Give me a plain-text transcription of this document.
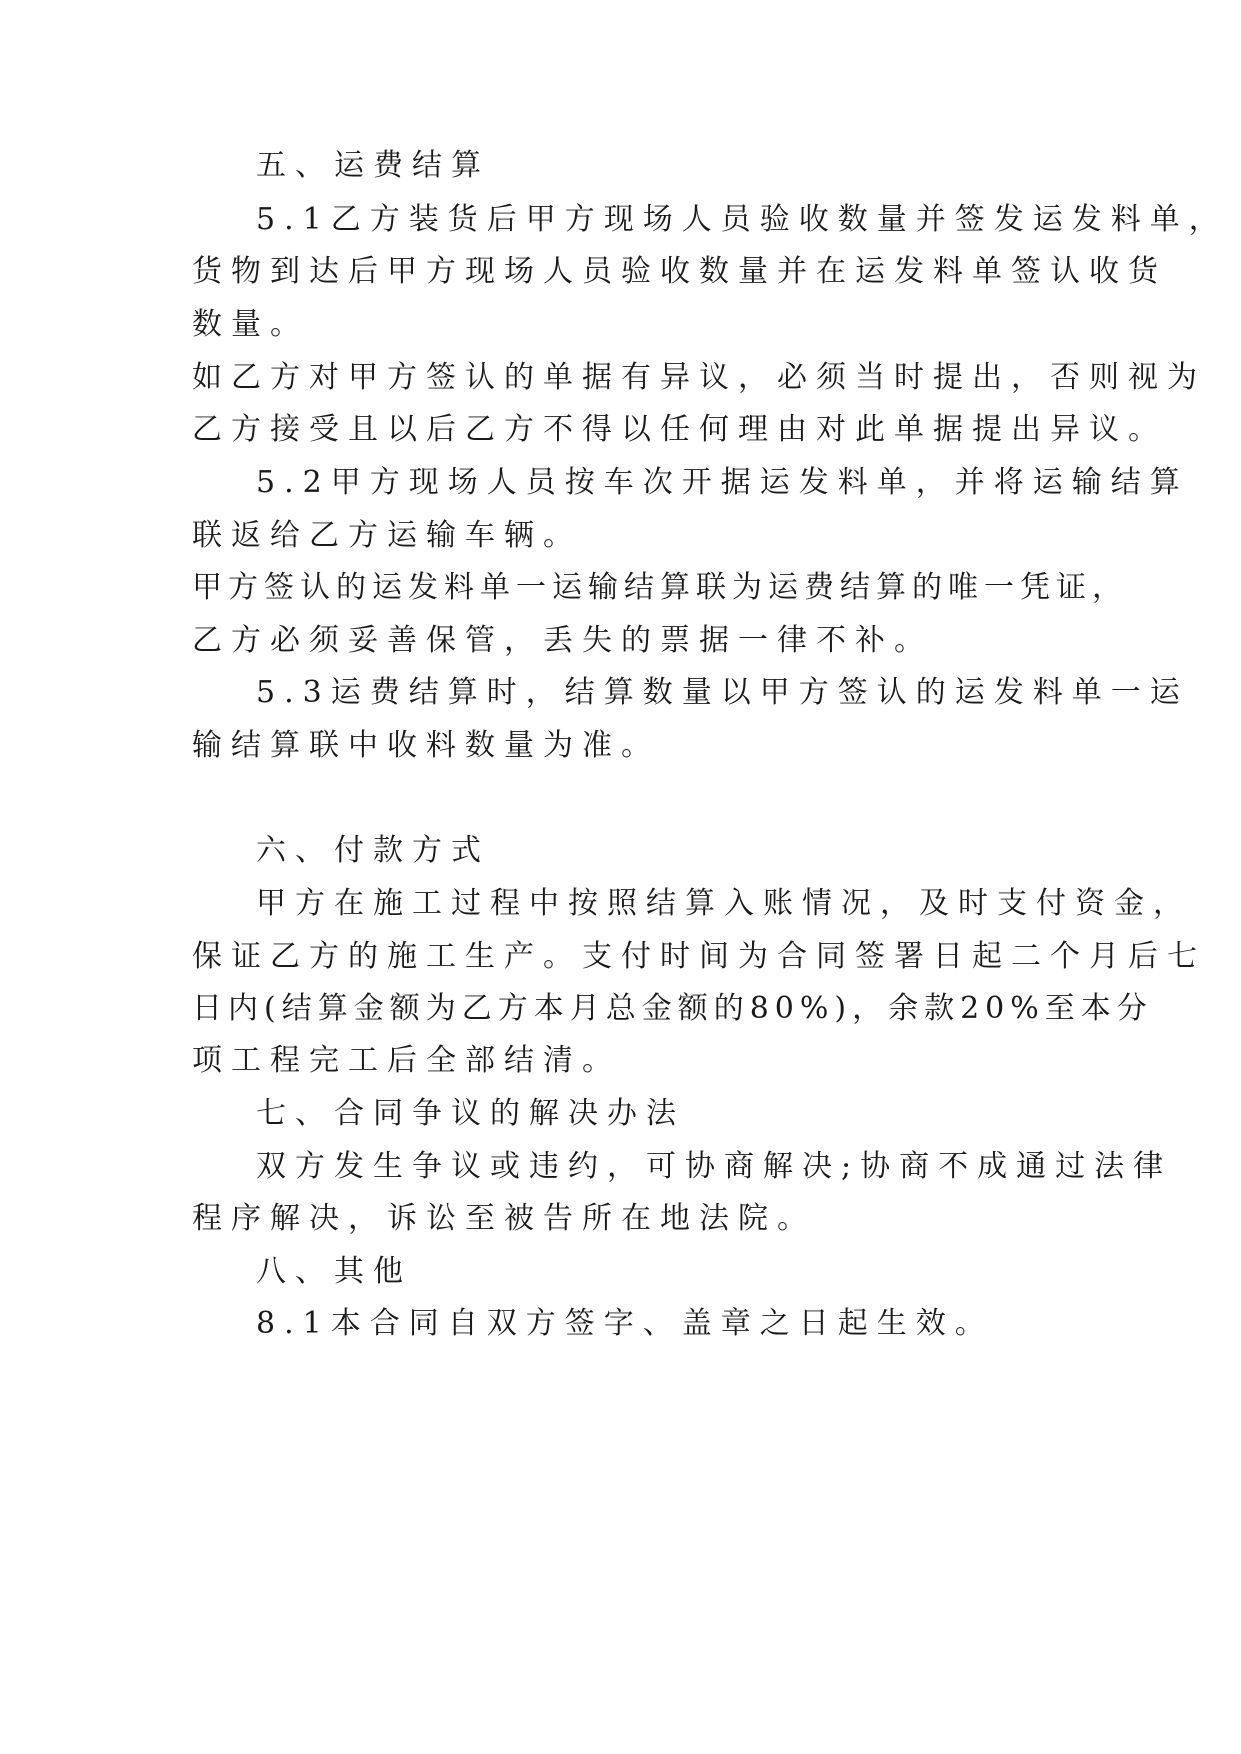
五、运费结算
5.1乙方装货后甲方现场人员验收数量并签发运发料单，
货物到达后甲方现场人员验收数量并在运发料单签认收货
数量。
如乙方对甲方签认的单据有异议，必须当时提出，否则视为
乙方接受且以后乙方不得以任何理由对此单据提出异议。
5.2甲方现场人员按车次开据运发料单，并将运输结算
联返给乙方运输车辆。
甲方签认的运发料单一运输结算联为运费结算的唯一凭证，
乙方必须妥善保管，丢失的票据一律不补。
5.3运费结算时，结算数量以甲方签认的运发料单一运
输结算联中收料数量为准。
六、付款方式
甲方在施工过程中按照结算入账情况，及时支付资金，
保证乙方的施工生产。支付时间为合同签署日起二个月后七
日内(结算金额为乙方本月总金额的80%)，余款20%至本分
项工程完工后全部结清。
七、合同争议的解决办法
双方发生争议或违约，可协商解决;协商不成通过法律
程序解决，诉讼至被告所在地法院。
八、其他
8.1本合同自双方签字、盖章之日起生效。
